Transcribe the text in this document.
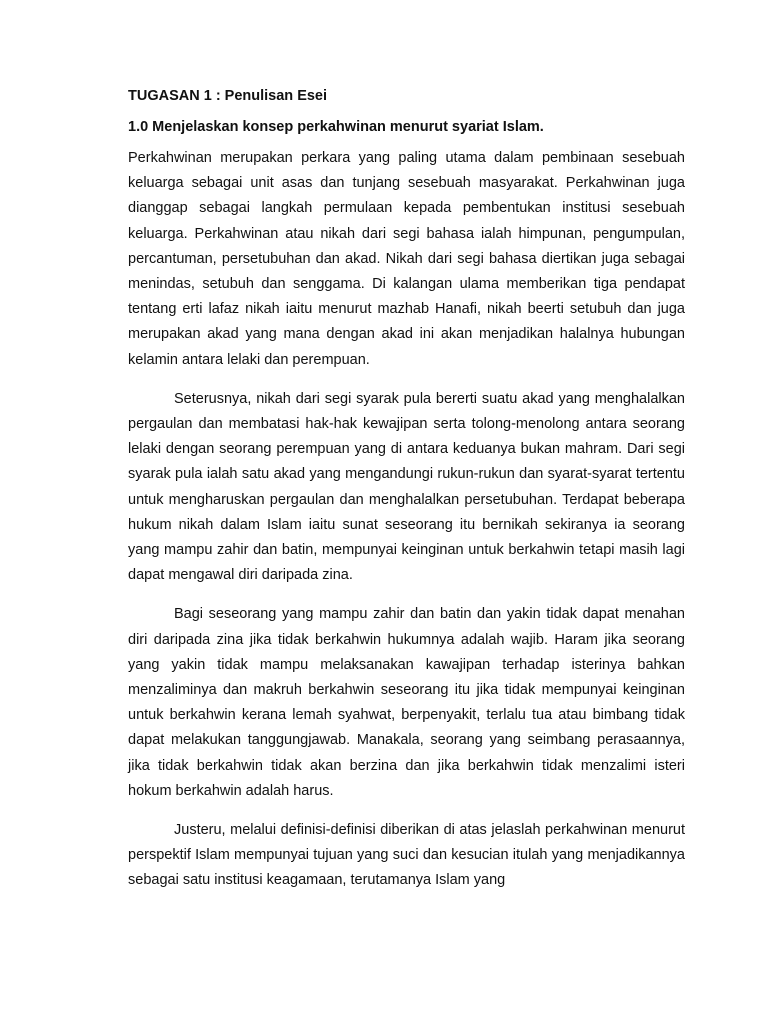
TUGASAN 1 : Penulisan Esei
1.0 Menjelaskan konsep perkahwinan menurut syariat Islam.

Perkahwinan merupakan perkara yang paling utama dalam pembinaan sesebuah keluarga sebagai unit asas dan tunjang sesebuah masyarakat. Perkahwinan juga dianggap sebagai langkah permulaan kepada pembentukan institusi sesebuah keluarga. Perkahwinan atau nikah dari segi bahasa ialah himpunan, pengumpulan, percantuman, persetubuhan dan akad. Nikah dari segi bahasa diertikan juga sebagai menindas, setubuh dan senggama. Di kalangan ulama memberikan tiga pendapat tentang erti lafaz nikah iaitu menurut mazhab Hanafi, nikah beerti setubuh dan juga merupakan akad yang mana dengan akad ini akan menjadikan halalnya hubungan kelamin antara lelaki dan perempuan.

Seterusnya, nikah dari segi syarak pula bererti suatu akad yang menghalalkan pergaulan dan membatasi hak-hak kewajipan serta tolong-menolong antara seorang lelaki dengan seorang perempuan yang di antara keduanya bukan mahram. Dari segi syarak pula ialah satu akad yang mengandungi rukun-rukun dan syarat-syarat tertentu untuk mengharuskan pergaulan dan menghalalkan persetubuhan. Terdapat beberapa hukum nikah dalam Islam iaitu sunat seseorang itu bernikah sekiranya ia seorang yang mampu zahir dan batin, mempunyai keinginan untuk berkahwin tetapi masih lagi dapat mengawal diri daripada zina.

Bagi seseorang yang mampu zahir dan batin dan yakin tidak dapat menahan diri daripada zina jika tidak berkahwin hukumnya adalah wajib. Haram jika seorang yang yakin tidak mampu melaksanakan kawajipan terhadap isterinya bahkan menzaliminya dan makruh berkahwin seseorang itu jika tidak mempunyai keinginan untuk berkahwin kerana lemah syahwat, berpenyakit, terlalu tua atau bimbang tidak dapat melakukan tanggungjawab. Manakala, seorang yang seimbang perasaannya, jika tidak berkahwin tidak akan berzina dan jika berkahwin tidak menzalimi isteri hokum berkahwin adalah harus.

Justeru, melalui definisi-definisi diberikan di atas jelaslah perkahwinan menurut perspektif Islam mempunyai tujuan yang suci dan kesucian itulah yang menjadikannya sebagai satu institusi keagamaan, terutamanya Islam yang
